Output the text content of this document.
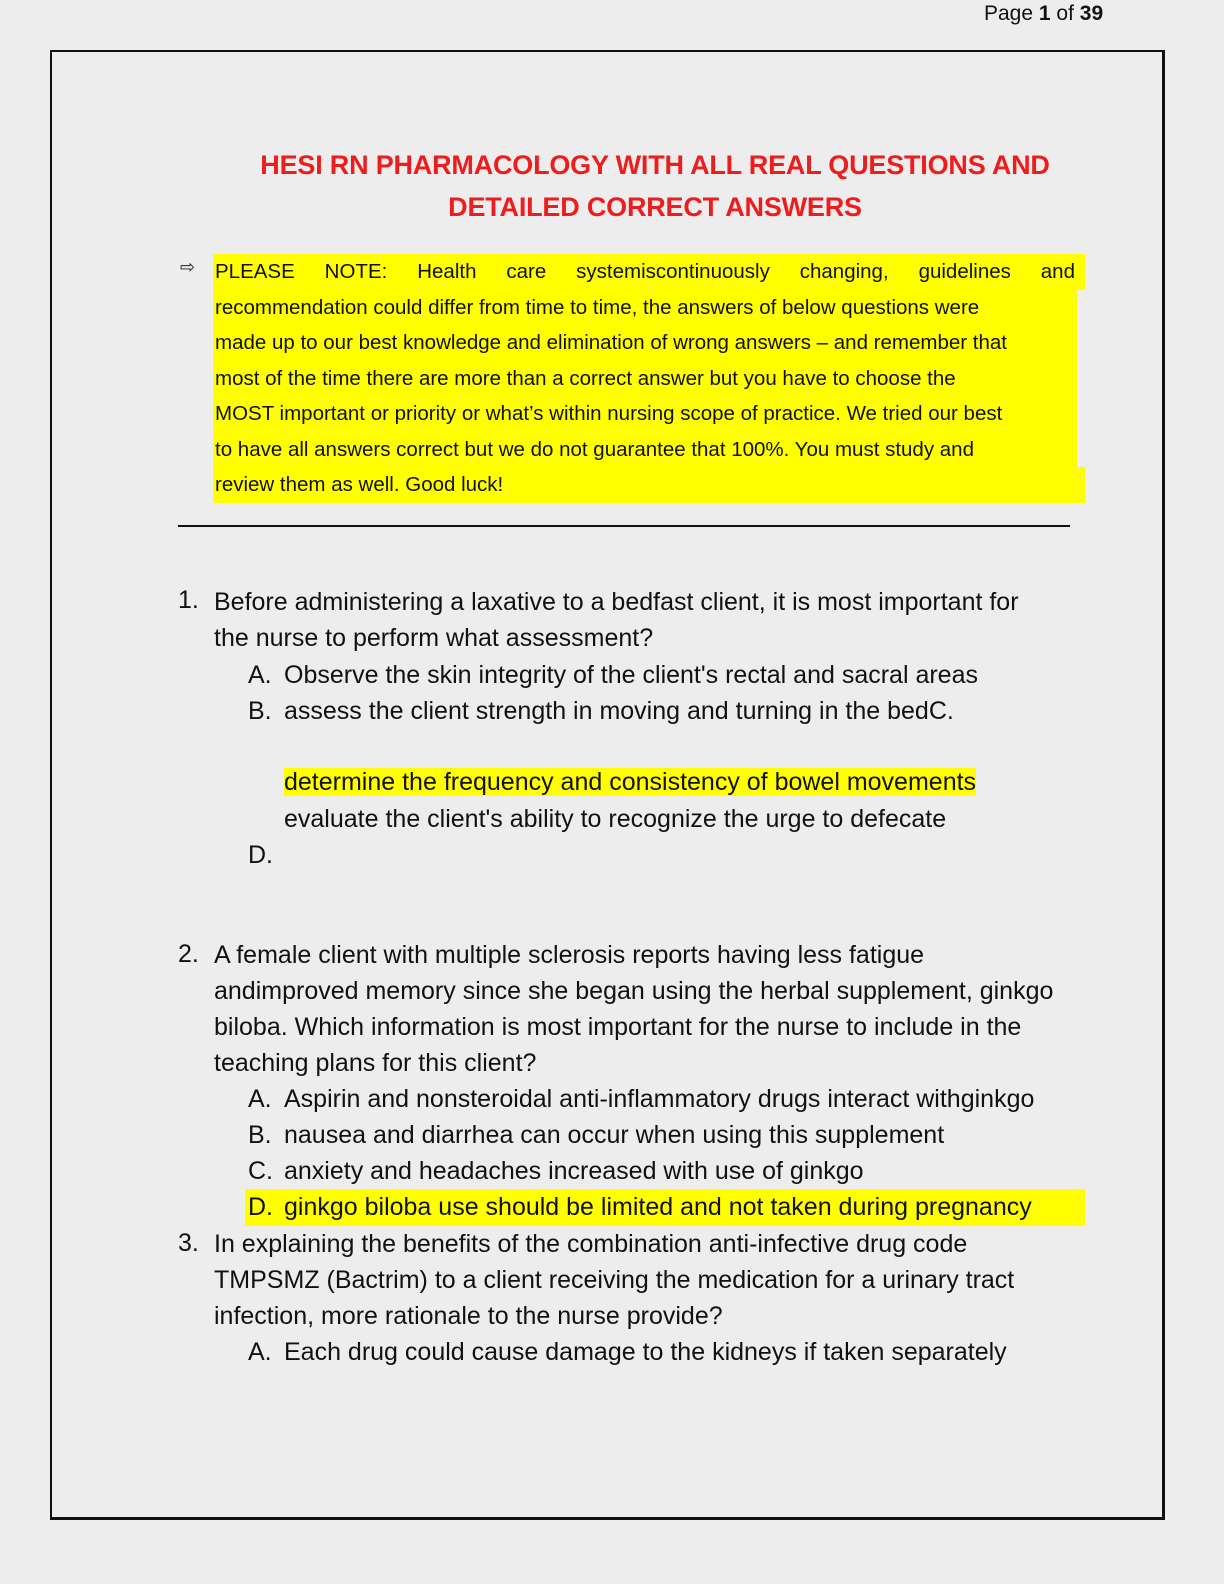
Page 1 of 39
HESI RN PHARMACOLOGY WITH ALL REAL QUESTIONS AND
DETAILED CORRECT ANSWERS
⇨ PLEASE NOTE: Health care systemiscontinuously changing, guidelines and
recommendation could differ from time to time, the answers of below questions were
made up to our best knowledge and elimination of wrong answers – and remember that
most of the time there are more than a correct answer but you have to choose the
MOST important or priority or what’s within nursing scope of practice. We tried our best
to have all answers correct but we do not guarantee that 100%. You must study and
review them as well. Good luck!
1. Before administering a laxative to a bedfast client, it is most important for
the nurse to perform what assessment?
A. Observe the skin integrity of the client's rectal and sacral areas
B. assess the client strength in moving and turning in the bedC.
determine the frequency and consistency of bowel movements
evaluate the client's ability to recognize the urge to defecate
D.
2. A female client with multiple sclerosis reports having less fatigue
andimproved memory since she began using the herbal supplement, ginkgo
biloba. Which information is most important for the nurse to include in the
teaching plans for this client?
A. Aspirin and nonsteroidal anti-inflammatory drugs interact withginkgo
B. nausea and diarrhea can occur when using this supplement
C. anxiety and headaches increased with use of ginkgo
D. ginkgo biloba use should be limited and not taken during pregnancy
3. In explaining the benefits of the combination anti-infective drug code
TMPSMZ (Bactrim) to a client receiving the medication for a urinary tract
infection, more rationale to the nurse provide?
A. Each drug could cause damage to the kidneys if taken separately
